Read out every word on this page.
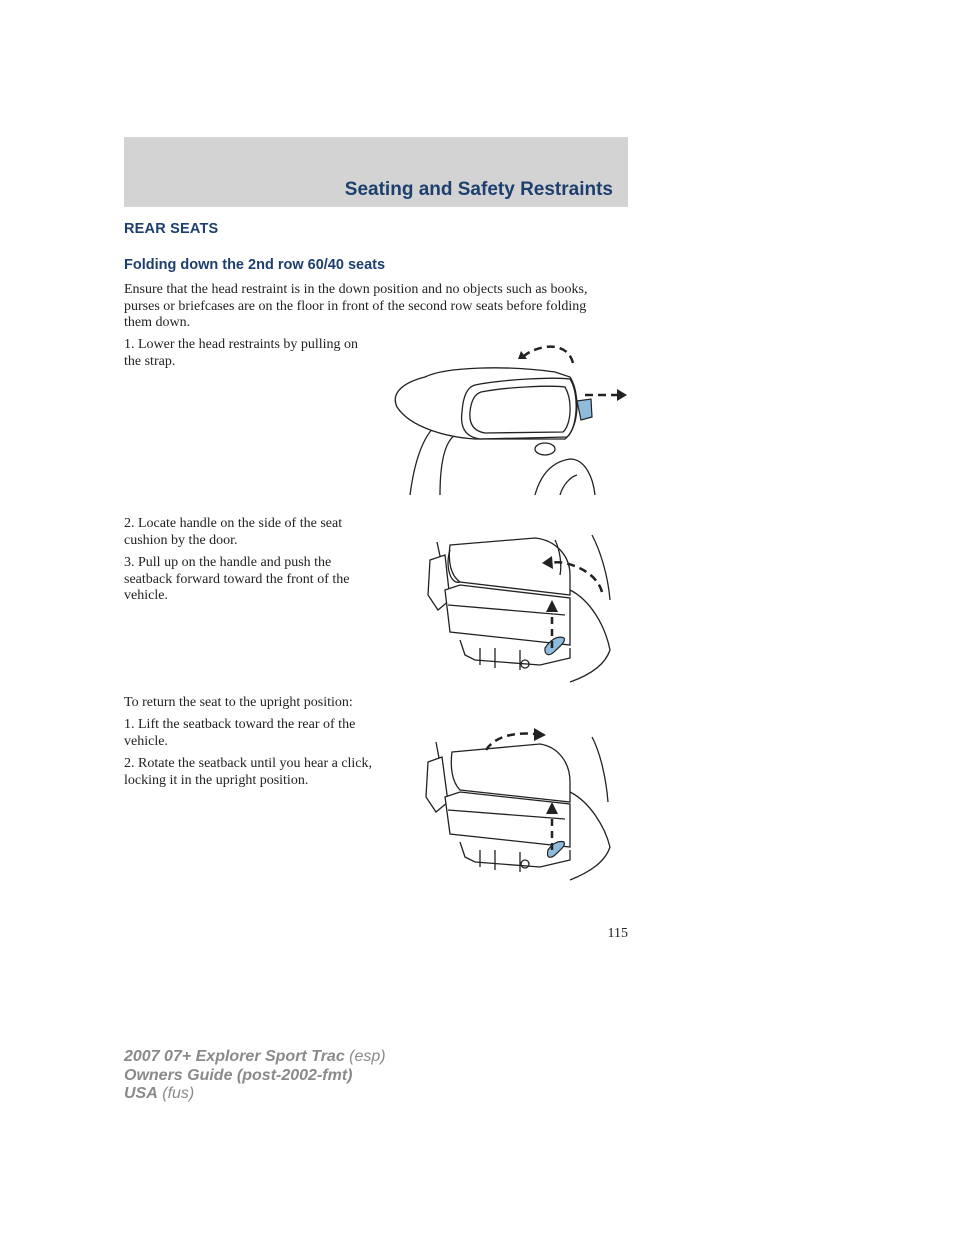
Seating and Safety Restraints
REAR SEATS
Folding down the 2nd row 60/40 seats
Ensure that the head restraint is in the down position and no objects such as books, purses or briefcases are on the floor in front of the second row seats before folding them down.
1. Lower the head restraints by pulling on the strap.
2. Locate handle on the side of the seat cushion by the door.
3. Pull up on the handle and push the seatback forward toward the front of the vehicle.
To return the seat to the upright position:
1. Lift the seatback toward the rear of the vehicle.
2. Rotate the seatback until you hear a click, locking it in the upright position.
115
2007 07+ Explorer Sport Trac (esp)
Owners Guide (post-2002-fmt)
USA (fus)
